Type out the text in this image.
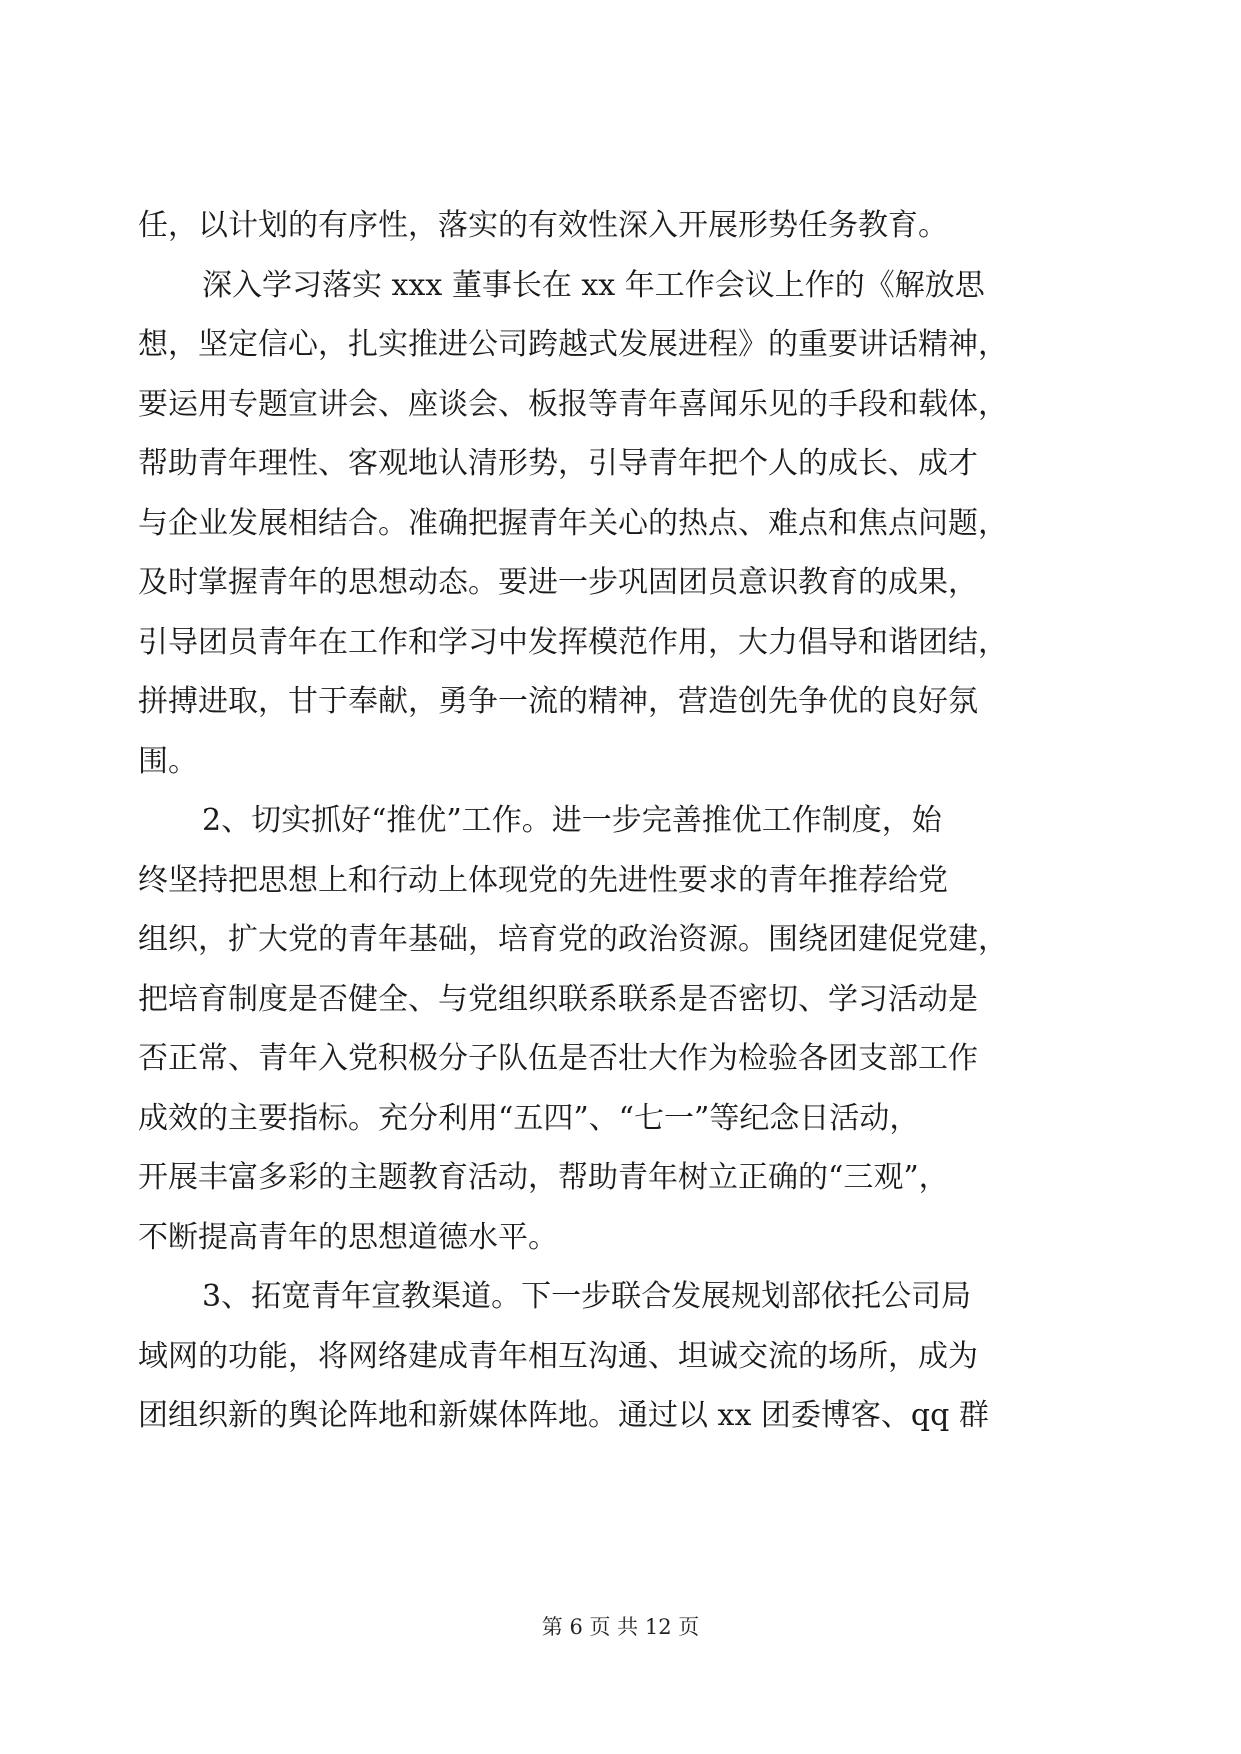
任，以计划的有序性，落实的有效性深入开展形势任务教育。
深入学习落实 xxx 董事长在 xx 年工作会议上作的《解放思
想，坚定信心，扎实推进公司跨越式发展进程》的重要讲话精神，
要运用专题宣讲会、座谈会、板报等青年喜闻乐见的手段和载体，
帮助青年理性、客观地认清形势，引导青年把个人的成长、成才
与企业发展相结合。准确把握青年关心的热点、难点和焦点问题，
及时掌握青年的思想动态。要进一步巩固团员意识教育的成果，
引导团员青年在工作和学习中发挥模范作用，大力倡导和谐团结，
拼搏进取，甘于奉献，勇争一流的精神，营造创先争优的良好氛
围。
2、切实抓好“推优”工作。进一步完善推优工作制度，始
终坚持把思想上和行动上体现党的先进性要求的青年推荐给党
组织，扩大党的青年基础，培育党的政治资源。围绕团建促党建，
把培育制度是否健全、与党组织联系联系是否密切、学习活动是
否正常、青年入党积极分子队伍是否壮大作为检验各团支部工作
成效的主要指标。充分利用“五四”、“七一”等纪念日活动，
开展丰富多彩的主题教育活动，帮助青年树立正确的“三观”，
不断提高青年的思想道德水平。
3、拓宽青年宣教渠道。下一步联合发展规划部依托公司局
域网的功能，将网络建成青年相互沟通、坦诚交流的场所，成为
团组织新的舆论阵地和新媒体阵地。通过以 xx 团委博客、qq 群
第 6 页 共 12 页
